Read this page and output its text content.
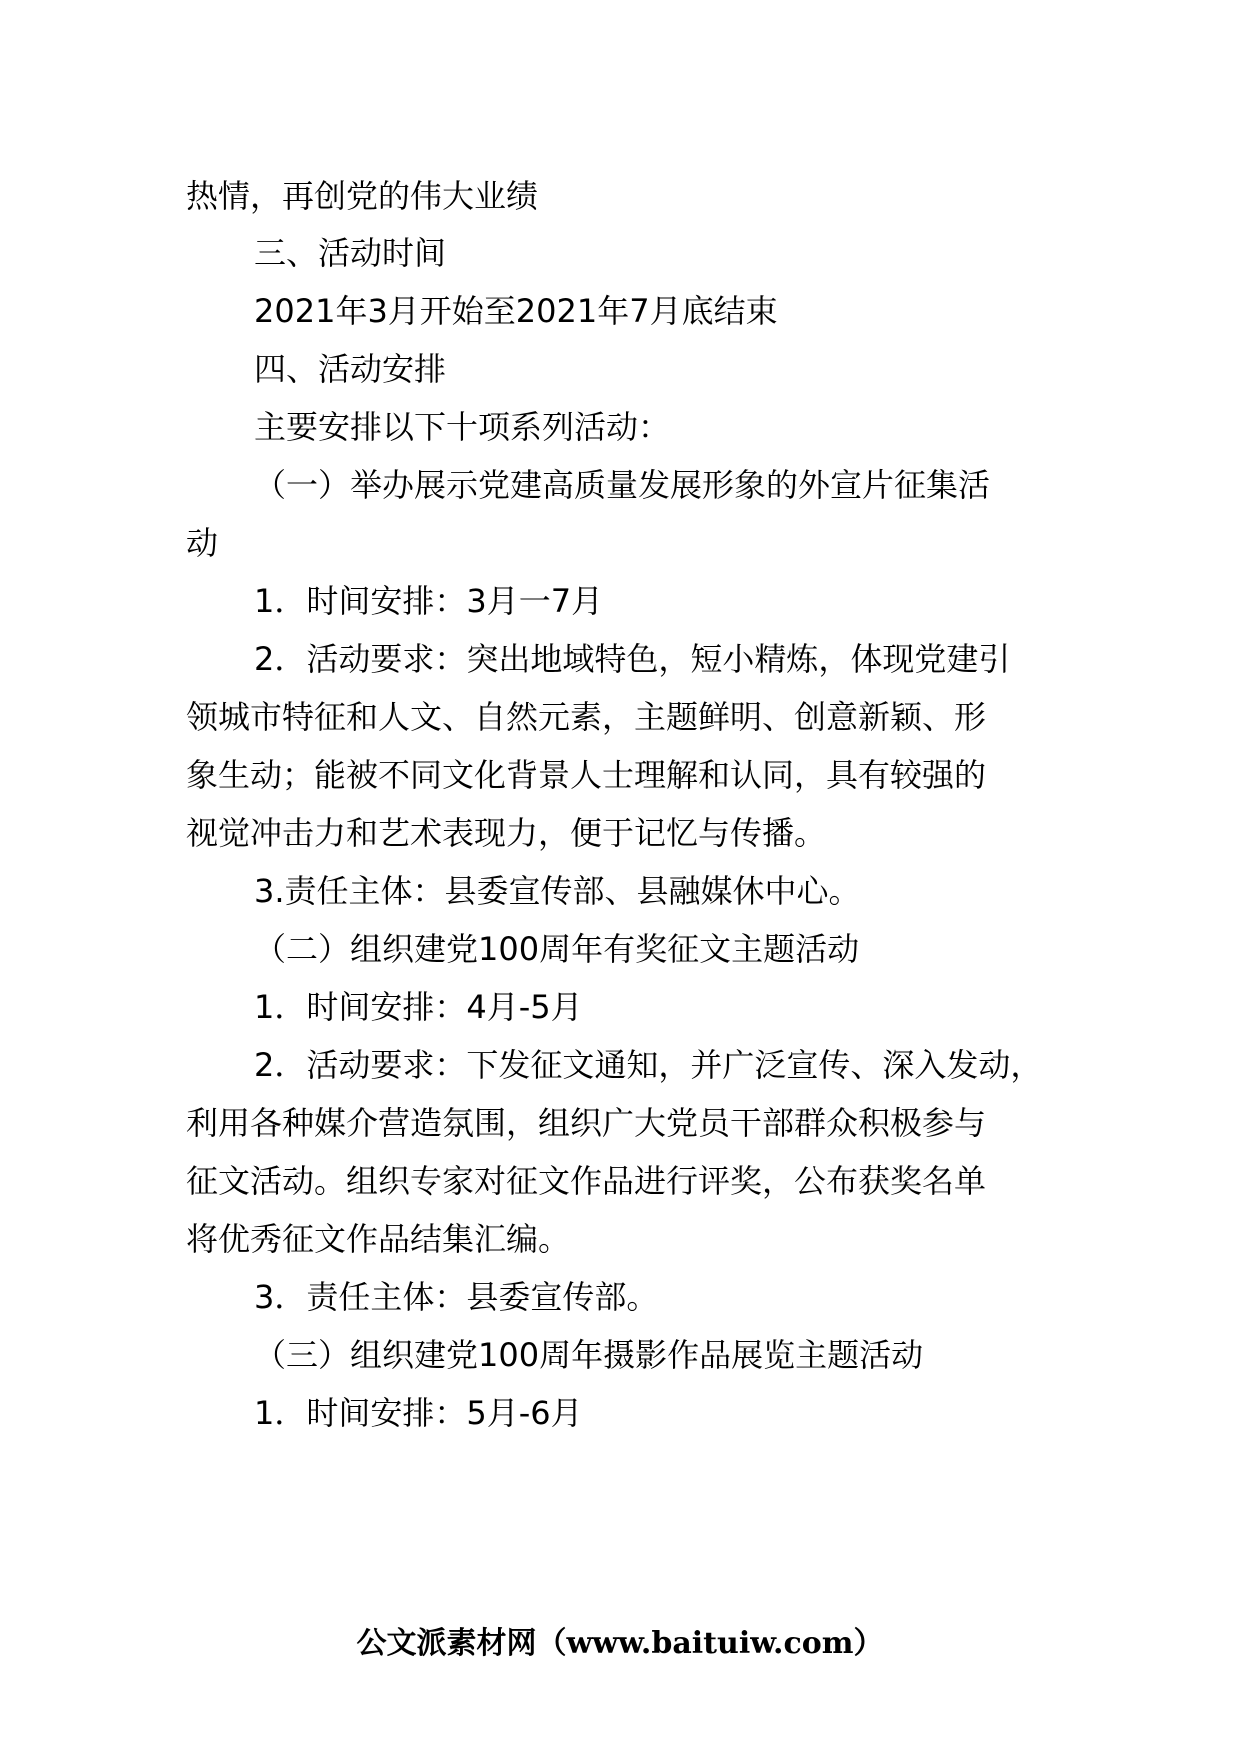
热情，再创党的伟大业绩
三、活动时间
2021年3月开始至2021年7月底结束
四、活动安排
主要安排以下十项系列活动：
（一）举办展示党建高质量发展形象的外宣片征集活
动
1．时间安排：3月一7月
2．活动要求：突出地域特色，短小精炼，体现党建引
领城市特征和人文、自然元素，主题鲜明、创意新颖、形
象生动；能被不同文化背景人士理解和认同，具有较强的
视觉冲击力和艺术表现力，便于记忆与传播。
3.责任主体：县委宣传部、县融媒休中心。
（二）组织建党100周年有奖征文主题活动
1．时间安排：4月-5月
2．活动要求：下发征文通知，并广泛宣传、深入发动，
利用各种媒介营造氛围，组织广大党员干部群众积极参与
征文活动。组织专家对征文作品进行评奖，公布获奖名单
将优秀征文作品结集汇编。
3．责任主体：县委宣传部。
（三）组织建党100周年摄影作品展览主题活动
1．时间安排：5月-6月
公文派素材网（www.baituiw.com）
